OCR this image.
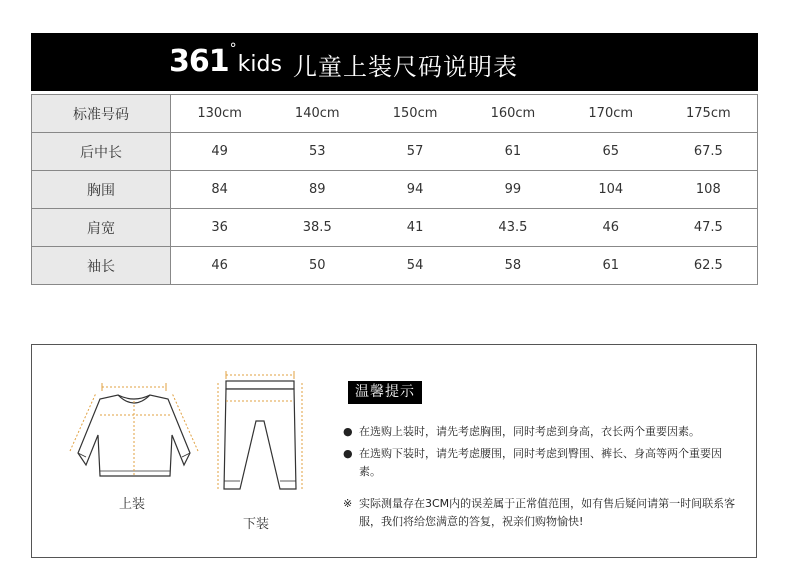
361°kids 儿童上装尺码说明表
标准号码	130cm	140cm	150cm	160cm	170cm	175cm
后中长	49	53	57	61	65	67.5
胸围	84	89	94	99	104	108
肩宽	36	38.5	41	43.5	46	47.5
袖长	46	50	54	58	61	62.5
上装
下装
温馨提示
● 在选购上装时，请先考虑胸围，同时考虑到身高，衣长两个重要因素。
● 在选购下装时，请先考虑腰围，同时考虑到臀围、裤长、身高等两个重要因素。
※ 实际测量存在3CM内的误差属于正常值范围，如有售后疑问请第一时间联系客服，我们将给您满意的答复，祝亲们购物愉快!
